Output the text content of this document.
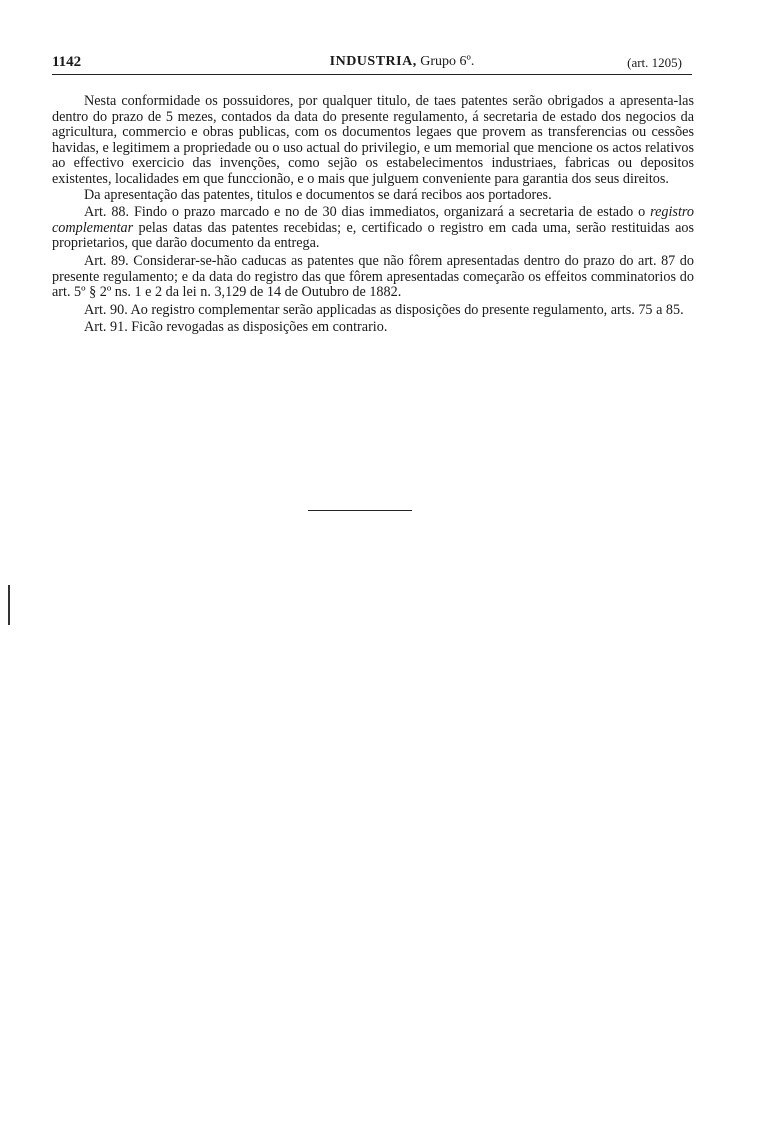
1142	INDUSTRIA, Grupo 6º.	(art. 1205)

Nesta conformidade os possuidores, por qualquer titulo, de taes patentes serão obrigados a apresenta-las dentro do prazo de 5 mezes, contados da data do presente regulamento, á secretaria de estado dos negocios da agricultura, commercio e obras publicas, com os documentos legaes que provem as transferencias ou cessões havidas, e legitimem a propriedade ou o uso actual do privilegio, e um memorial que mencione os actos relativos ao effectivo exercicio das invenções, como sejão os estabelecimentos industriaes, fabricas ou depositos existentes, localidades em que funccionão, e o mais que julguem conveniente para garantia dos seus direitos.

Da apresentação das patentes, titulos e documentos se dará recibos aos portadores.

Art. 88. Findo o prazo marcado e no de 30 dias immediatos, organizará a secretaria de estado o registro complementar pelas datas das patentes recebidas; e, certificado o registro em cada uma, serão restituidas aos proprietarios, que darão documento da entrega.

Art. 89. Considerar-se-hão caducas as patentes que não fôrem apresentadas dentro do prazo do art. 87 do presente regulamento; e da data do registro das que fôrem apresentadas começarão os effeitos comminatorios do art. 5º § 2º ns. 1 e 2 da lei n. 3,129 de 14 de Outubro de 1882.

Art. 90. Ao registro complementar serão applicadas as disposições do presente regulamento, arts. 75 a 85.

Art. 91. Ficão revogadas as disposições em contrario.
